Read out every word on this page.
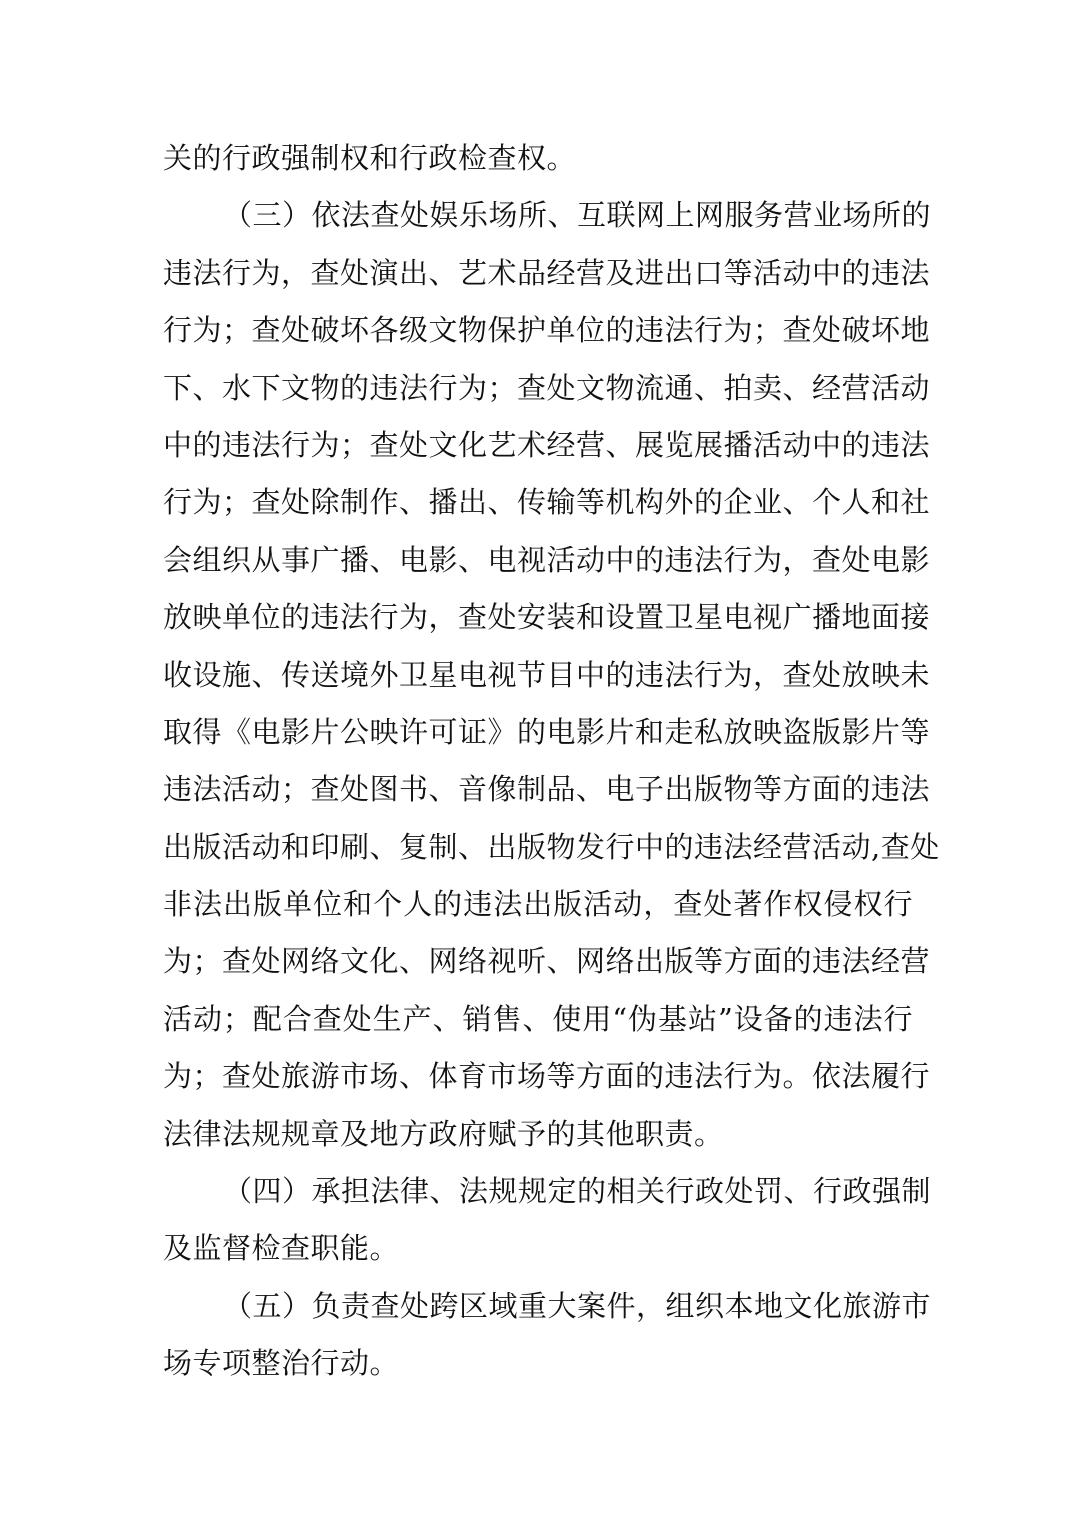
关的行政强制权和行政检查权。
（三）依法查处娱乐场所、互联网上网服务营业场所的
违法行为，查处演出、艺术品经营及进出口等活动中的违法
行为；查处破坏各级文物保护单位的违法行为；查处破坏地
下、水下文物的违法行为；查处文物流通、拍卖、经营活动
中的违法行为；查处文化艺术经营、展览展播活动中的违法
行为；查处除制作、播出、传输等机构外的企业、个人和社
会组织从事广播、电影、电视活动中的违法行为，查处电影
放映单位的违法行为，查处安装和设置卫星电视广播地面接
收设施、传送境外卫星电视节目中的违法行为，查处放映未
取得《电影片公映许可证》的电影片和走私放映盗版影片等
违法活动；查处图书、音像制品、电子出版物等方面的违法
出版活动和印刷、复制、出版物发行中的违法经营活动,查处
非法出版单位和个人的违法出版活动，查处著作权侵权行
为；查处网络文化、网络视听、网络出版等方面的违法经营
活动；配合查处生产、销售、使用“伪基站”设备的违法行
为；查处旅游市场、体育市场等方面的违法行为。依法履行
法律法规规章及地方政府赋予的其他职责。
（四）承担法律、法规规定的相关行政处罚、行政强制
及监督检查职能。
（五）负责查处跨区域重大案件，组织本地文化旅游市
场专项整治行动。
